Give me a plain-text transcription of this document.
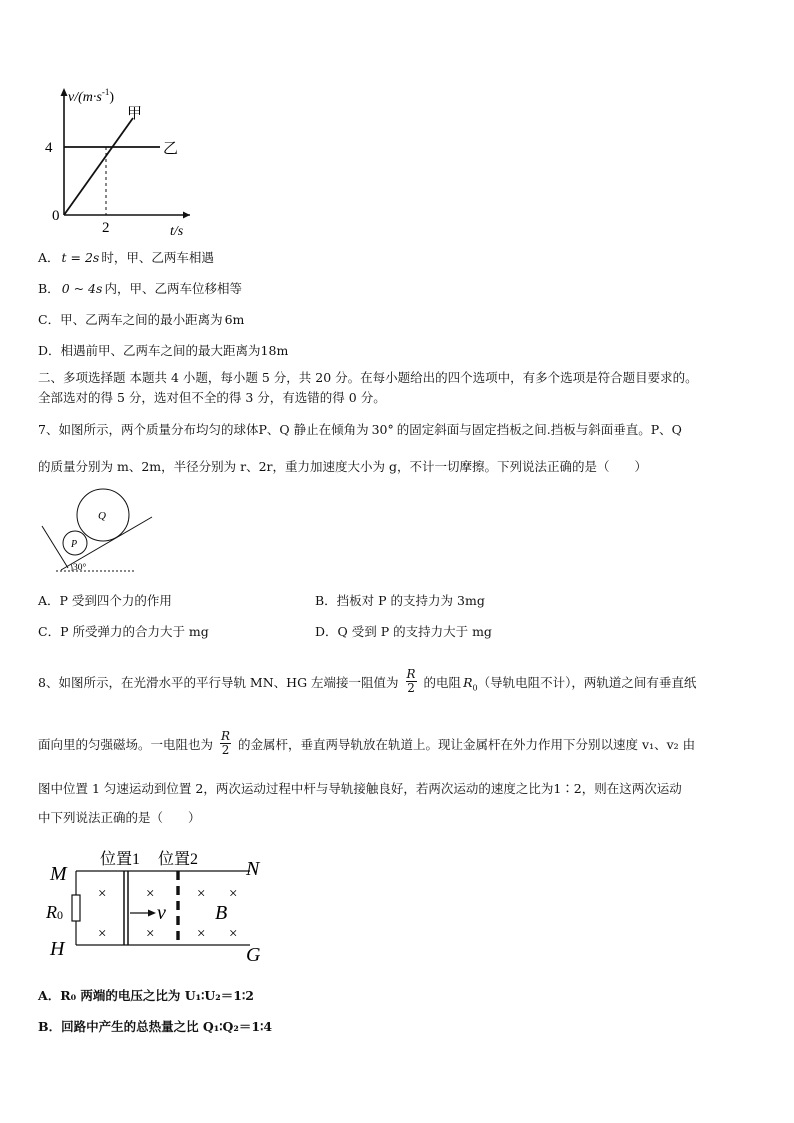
$v/(m\cdot s^{-1})$
t/s
4
2
0
甲
乙
A． t = 2s 时，甲、乙两车相遇
B． 0 ~ 4s 内，甲、乙两车位移相等
C．甲、乙两车之间的最小距离为 6m
D．相遇前甲、乙两车之间的最大距离为18m
二、多项选择题 本题共 4 小题，每小题 5 分，共 20 分。在每小题给出的四个选项中，有多个选项是符合题目要求的。
全部选对的得 5 分，选对但不全的得 3 分，有选错的得 0 分。
7、如图所示，两个质量分布均匀的球体P、Q 静止在倾角为 30° 的固定斜面与固定挡板之间.挡板与斜面垂直。P、Q
的质量分别为 m、2m，半径分别为 r、2r，重力加速度大小为 g，不计一切摩擦。下列说法正确的是（　　）
30°
P
Q
A．P 受到四个力的作用	B．挡板对 P 的支持力为 3mg
C．P 所受弹力的合力大于 mg	D．Q 受到 P 的支持力大于 mg
8、如图所示，在光滑水平的平行导轨 MN、HG 左端接一阻值为 $\frac{R}{2}$ 的电阻 $R_0$（导轨电阻不计），两轨道之间有垂直纸
面向里的匀强磁场。一电阻也为 $\frac{R}{2}$ 的金属杆，垂直两导轨放在轨道上。现让金属杆在外力作用下分别以速度 v₁、v₂ 由
图中位置 1 匀速运动到位置 2，两次运动过程中杆与导轨接触良好，若两次运动的速度之比为1∶2，则在这两次运动
中下列说法正确的是（　　）
位置1 位置2
M	N
H	G
R0	v B
×
×
×
×
×
×
×
×
A．R₀ 两端的电压之比为 U₁∶U₂＝1∶2
B．回路中产生的总热量之比 Q₁∶Q₂＝1∶4
